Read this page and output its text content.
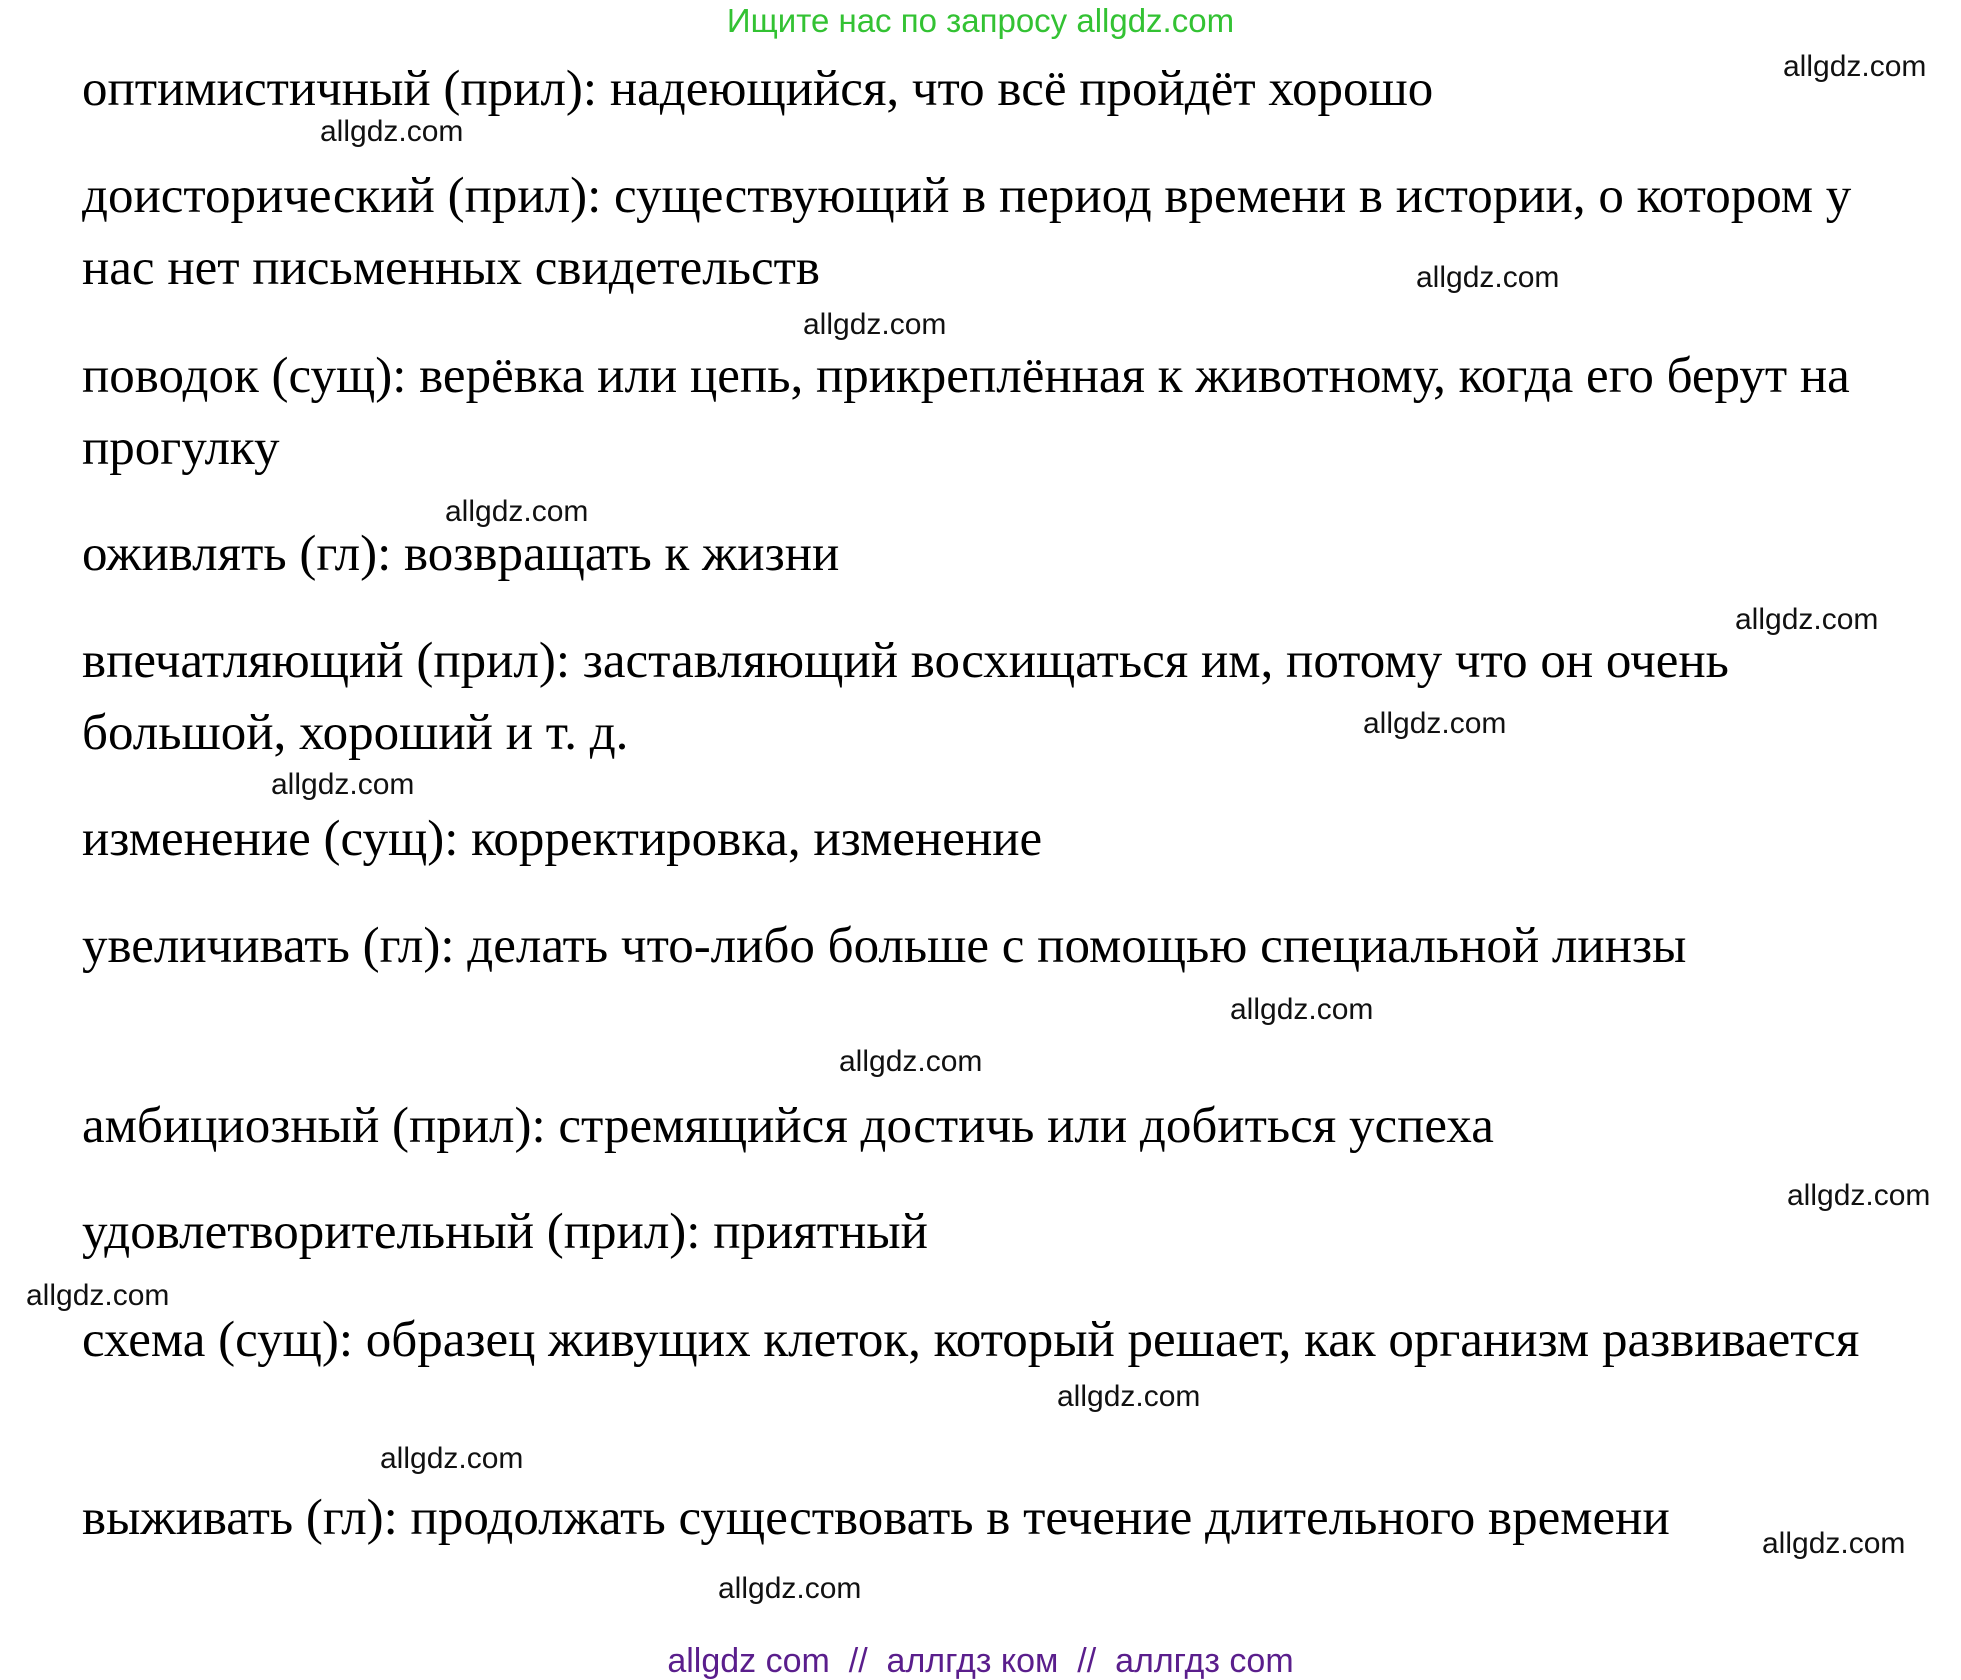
Ищите нас по запросу allgdz.com

оптимистичный (прил): надеющийся, что всё пройдёт хорошо

доисторический (прил): существующий в период времени в истории, о котором у нас нет письменных свидетельств

поводок (сущ): верёвка или цепь, прикреплённая к животному, когда его берут на прогулку

оживлять (гл): возвращать к жизни

впечатляющий (прил): заставляющий восхищаться им, потому что он очень большой, хороший и т. д.

изменение (сущ): корректировка, изменение

увеличивать (гл): делать что-либо больше с помощью специальной линзы

амбициозный (прил): стремящийся достичь или добиться успеха

удовлетворительный (прил): приятный

схема (сущ): образец живущих клеток, который решает, как организм развивается

выживать (гл): продолжать существовать в течение длительного времени

allgdz.com
allgdz.com
allgdz.com
allgdz.com
allgdz.com
allgdz.com
allgdz.com
allgdz.com
allgdz.com
allgdz.com
allgdz.com
allgdz.com
allgdz.com
allgdz.com
allgdz.com
allgdz.com
allgdz com  //  аллгдз ком  //  аллгдз com
